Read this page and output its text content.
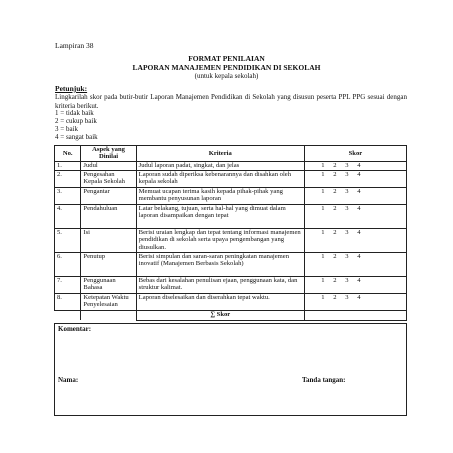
Lampiran 38
FORMAT PENILAIAN
LAPORAN MANAJEMEN PENDIDIKAN DI SEKOLAH
(untuk kepala sekolah)
Petunjuk:
Lingkarilah skor pada butir-butir Laporan Manajemen Pendidikan di Sekolah yang disusun peserta PPL PPG sesuai dengan kriteria berikut.
1 = tidak baik
2 = cukup baik
3 = baik
4 = sangat baik
No.	Aspek yang Dinilai	Kriteria	Skor
1.	Judul	Judul laporan padat, singkat, dan jelas	1 2 3 4
2.	Pengesahan Kepala Sekolah	Laporan sudah diperiksa kebenarannya dan disahkan oleh kepala sekolah	1 2 3 4
3.	Pengantar	Memuat ucapan terima kasih kepada pihak-pihak yang membantu penyusunan laporan	1 2 3 4
4.	Pendahuluan	Latar belakang, tujuan, serta hal-hal yang dimuat dalam laporan disampaikan dengan tepat	1 2 3 4
5.	Isi	Berisi uraian lengkap dan tepat tentang informasi manajemen pendidikan di sekolah serta upaya pengembangan yang diusulkan.	1 2 3 4
6.	Penutup	Berisi simpulan dan saran-saran peningkatan manajemen inovatif (Manajemen Berbasis Sekolah)	1 2 3 4
7.	Penggunaan Bahasa	Bebas dari kesalahan penulisan ejaan, penggunaan kata, dan struktur kalimat.	1 2 3 4
8.	Ketepatan Waktu Penyelesaian	Laporan diselesaikan dan diserahkan tepat waktu.	1 2 3 4
		∑ Skor	
Komentar:
Nama:	Tanda tangan:
